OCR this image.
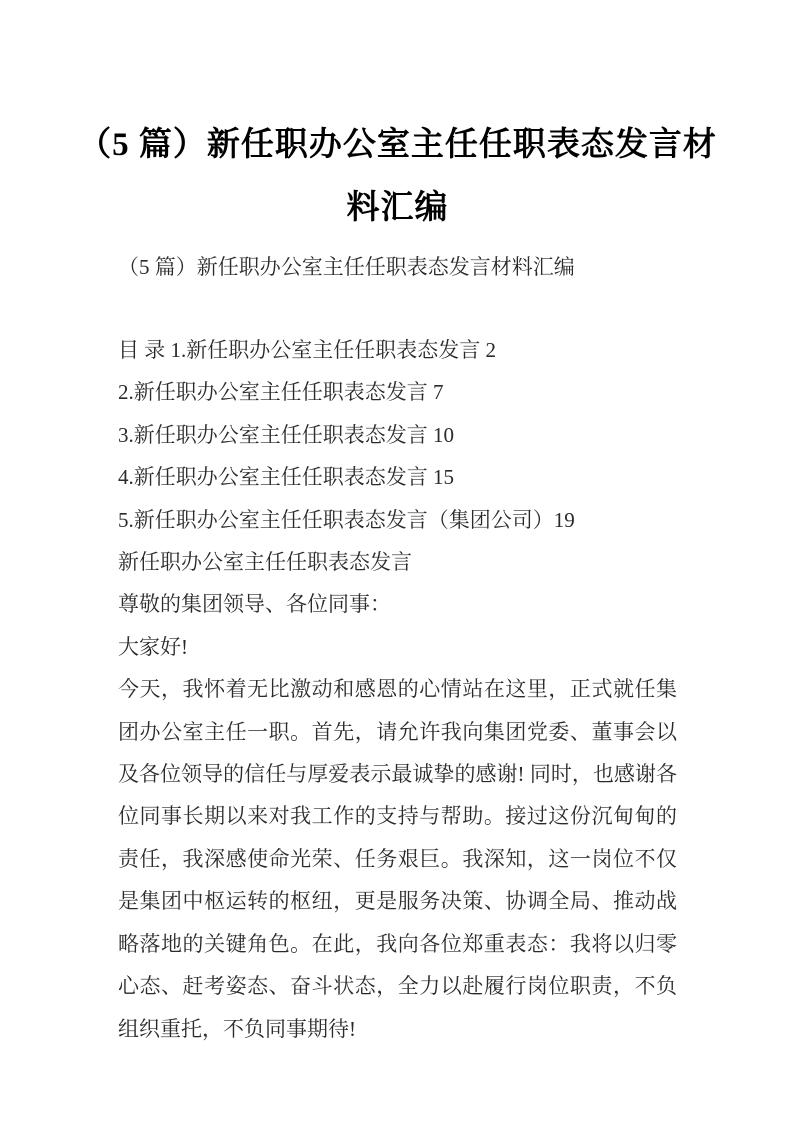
（5 篇）新任职办公室主任任职表态发言材料汇编

（5 篇）新任职办公室主任任职表态发言材料汇编

目 录 1.新任职办公室主任任职表态发言 2

2.新任职办公室主任任职表态发言 7

3.新任职办公室主任任职表态发言 10

4.新任职办公室主任任职表态发言 15

5.新任职办公室主任任职表态发言（集团公司）19

新任职办公室主任任职表态发言

尊敬的集团领导、各位同事：

大家好!

今天，我怀着无比激动和感恩的心情站在这里，正式就任集团办公室主任一职。首先，请允许我向集团党委、董事会以及各位领导的信任与厚爱表示最诚挚的感谢! 同时，也感谢各位同事长期以来对我工作的支持与帮助。接过这份沉甸甸的责任，我深感使命光荣、任务艰巨。我深知，这一岗位不仅是集团中枢运转的枢纽，更是服务决策、协调全局、推动战略落地的关键角色。在此，我向各位郑重表态：我将以归零心态、赶考姿态、奋斗状态，全力以赴履行岗位职责，不负组织重托，不负同事期待!
